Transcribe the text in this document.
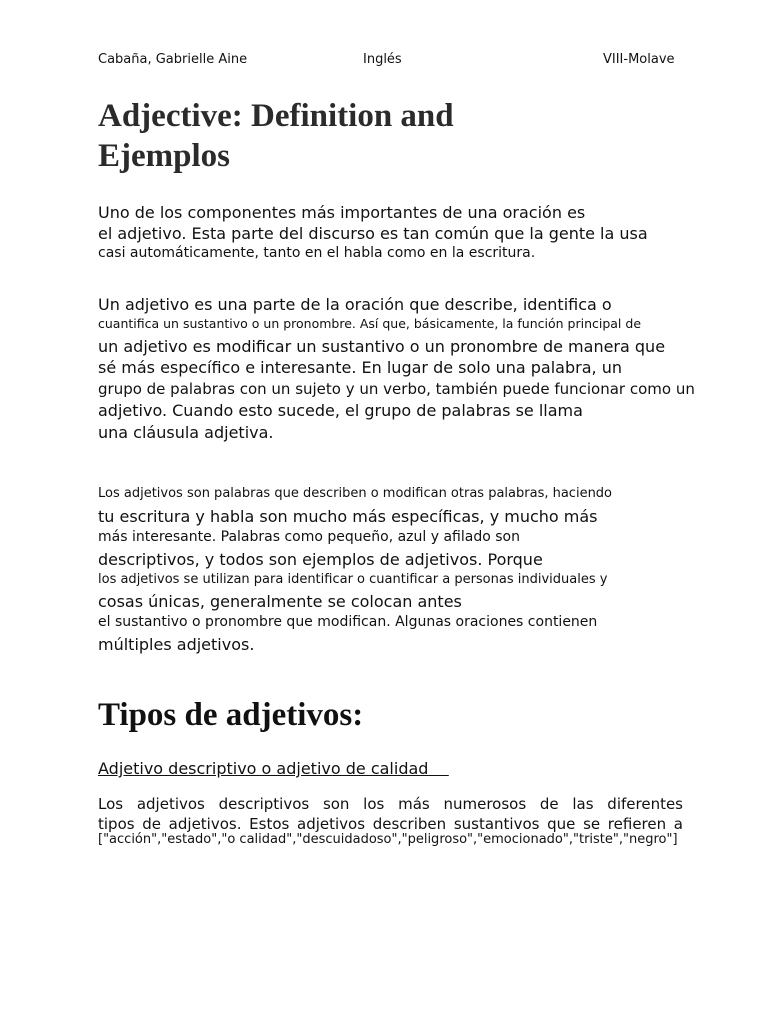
Cabaña, Gabrielle Aine	Inglés	VIII-Molave
Adjective: Definition and
Ejemplos
Uno de los componentes más importantes de una oración es
el adjetivo. Esta parte del discurso es tan común que la gente la usa
casi automáticamente, tanto en el habla como en la escritura.
Un adjetivo es una parte de la oración que describe, identifica o
cuantifica un sustantivo o un pronombre. Así que, básicamente, la función principal de
un adjetivo es modificar un sustantivo o un pronombre de manera que
sé más específico e interesante. En lugar de solo una palabra, un
grupo de palabras con un sujeto y un verbo, también puede funcionar como un
adjetivo. Cuando esto sucede, el grupo de palabras se llama
una cláusula adjetiva.
Los adjetivos son palabras que describen o modifican otras palabras, haciendo
tu escritura y habla son mucho más específicas, y mucho más
más interesante. Palabras como pequeño, azul y afilado son
descriptivos, y todos son ejemplos de adjetivos. Porque
los adjetivos se utilizan para identificar o cuantificar a personas individuales y
cosas únicas, generalmente se colocan antes
el sustantivo o pronombre que modifican. Algunas oraciones contienen
múltiples adjetivos.
Tipos de adjetivos:
Adjetivo descriptivo o adjetivo de calidad
Los adjetivos descriptivos son los más numerosos de las diferentes
tipos de adjetivos. Estos adjetivos describen sustantivos que se refieren a
["acción","estado","o calidad","descuidadoso","peligroso","emocionado","triste","negro"]
